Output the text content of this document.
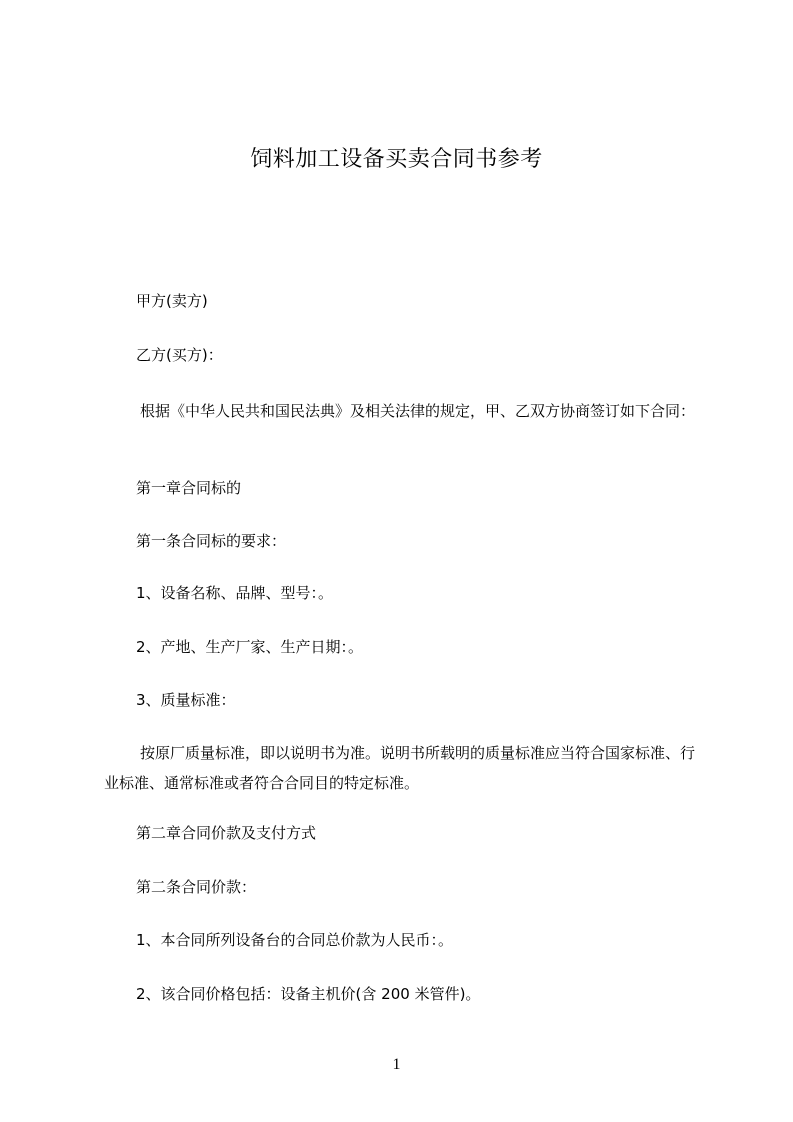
饲料加工设备买卖合同书参考
甲方(卖方)
乙方(买方)：
根据《中华人民共和国民法典》及相关法律的规定，甲、乙双方协商签订如下合同：
第一章合同标的
第一条合同标的要求：
1、设备名称、品牌、型号：。
2、产地、生产厂家、生产日期：。
3、质量标准：
按原厂质量标准，即以说明书为准。说明书所载明的质量标准应当符合国家标准、行业标准、通常标准或者符合合同目的特定标准。
第二章合同价款及支付方式
第二条合同价款：
1、本合同所列设备台的合同总价款为人民币：。
2、该合同价格包括：设备主机价(含 200 米管件)。
1
